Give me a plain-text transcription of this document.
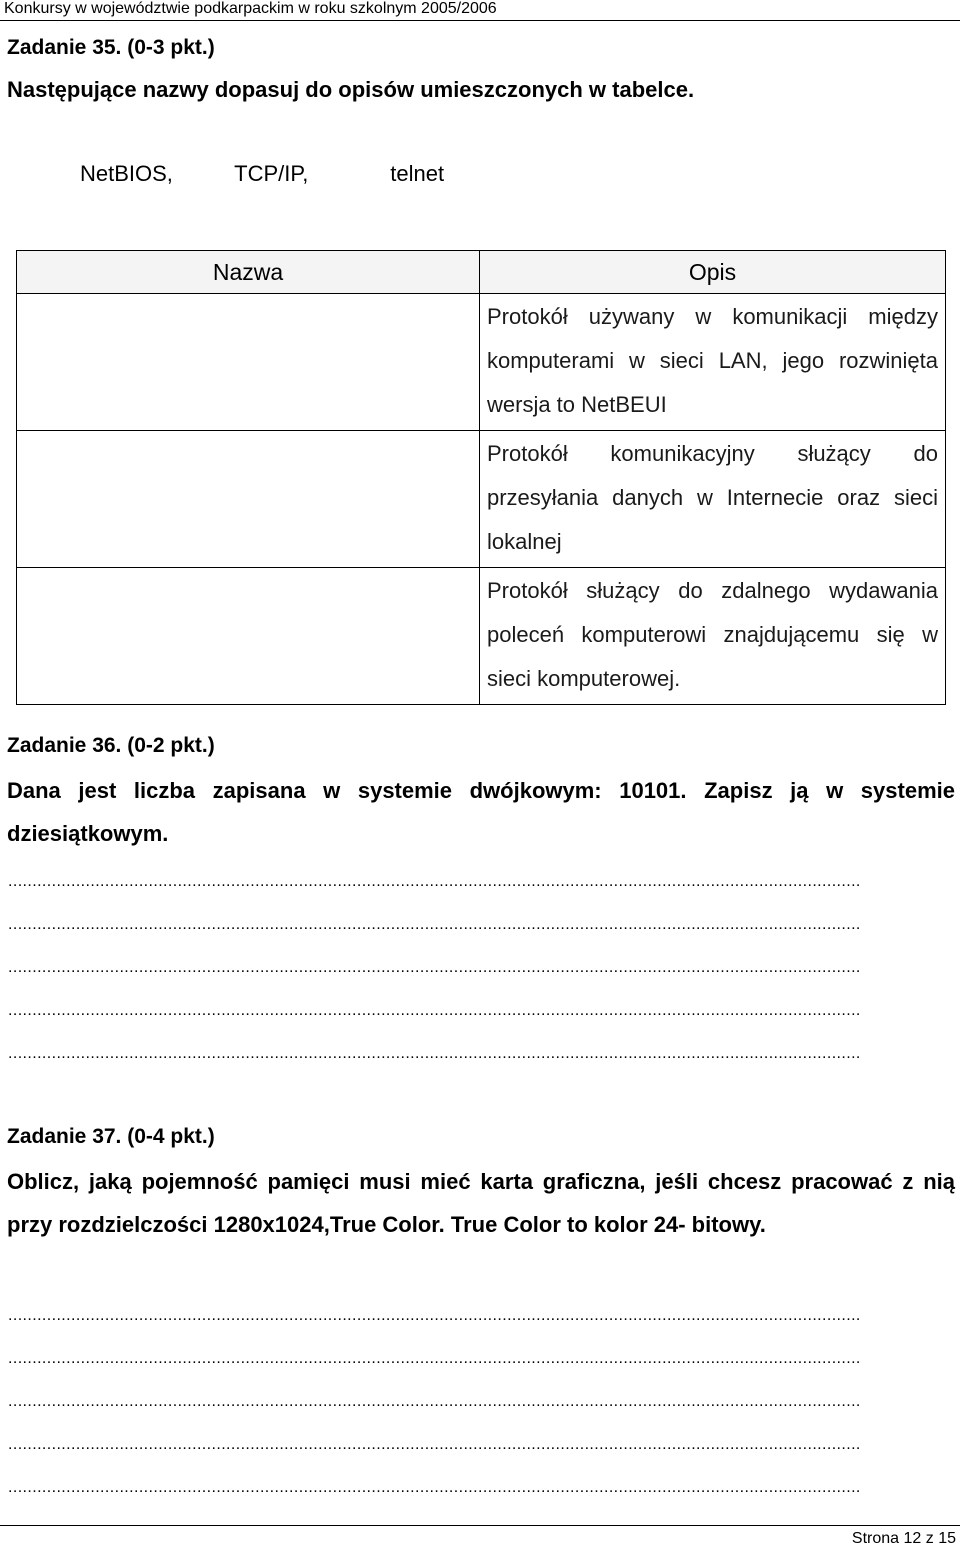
Konkursy w województwie podkarpackim w roku szkolnym 2005/2006
Zadanie 35. (0-3 pkt.)
Następujące nazwy dopasuj do opisów umieszczonych w tabelce.
NetBIOS,	TCP/IP,	telnet
Nazwa	Opis
	Protokół używany w komunikacji między komputerami w sieci LAN, jego rozwinięta wersja to NetBEUI
	Protokół komunikacyjny służący do przesyłania danych w Internecie oraz sieci lokalnej
	Protokół służący do zdalnego wydawania poleceń komputerowi znajdującemu się w sieci komputerowej.
Zadanie 36. (0-2 pkt.)
Dana jest liczba zapisana w systemie dwójkowym: 10101. Zapisz ją w systemie dziesiątkowym.
................................................................................................................................................................................
................................................................................................................................................................................
................................................................................................................................................................................
................................................................................................................................................................................
................................................................................................................................................................................
Zadanie 37. (0-4 pkt.)
Oblicz, jaką pojemność pamięci musi mieć karta graficzna, jeśli chcesz pracować z nią przy rozdzielczości 1280x1024,True Color. True Color to kolor 24- bitowy.
................................................................................................................................................................................
................................................................................................................................................................................
................................................................................................................................................................................
................................................................................................................................................................................
................................................................................................................................................................................
Strona 12 z 15
